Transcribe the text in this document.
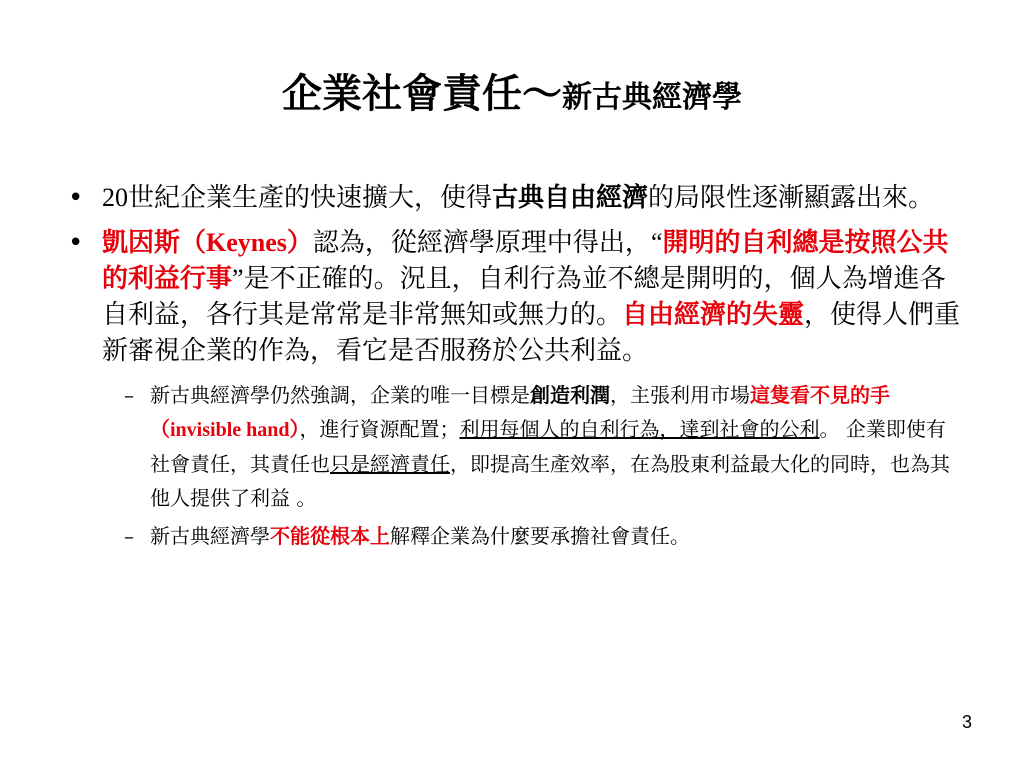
企業社會責任～新古典經濟學
• 20世紀企業生產的快速擴大，使得古典自由經濟的局限性逐漸顯露出來。
• 凱因斯（Keynes）認為，從經濟學原理中得出，“開明的自利總是按照公共的利益行事”是不正確的。況且，自利行為並不總是開明的，個人為增進各自利益，各行其是常常是非常無知或無力的。自由經濟的失靈，使得人們重新審視企業的作為，看它是否服務於公共利益。
– 新古典經濟學仍然強調，企業的唯一目標是創造利潤，主張利用市場這隻看不見的手（invisible hand），進行資源配置；利用每個人的自利行為，達到社會的公利。 企業即使有社會責任，其責任也只是經濟責任，即提高生產效率，在為股東利益最大化的同時，也為其他人提供了利益 。
– 新古典經濟學不能從根本上解釋企業為什麼要承擔社會責任。
3
